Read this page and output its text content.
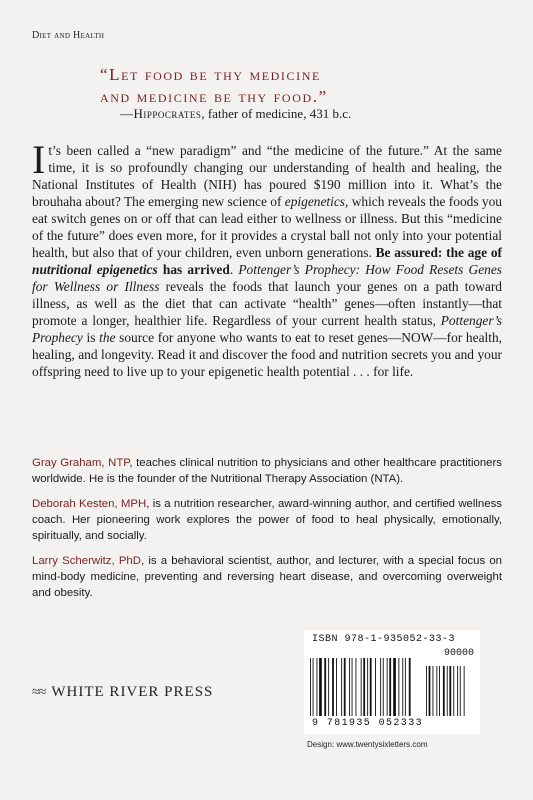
Diet and Health
“Let food be thy medicine
and medicine be thy food.”
—Hippocrates, father of medicine, 431 b.c.
It’s been called a “new paradigm” and “the medicine of the future.” At the same time, it is so profoundly changing our understanding of health and healing, the National Institutes of Health (NIH) has poured $190 million into it. What’s the brouhaha about? The emerging new science of epigenetics, which reveals the foods you eat switch genes on or off that can lead either to wellness or illness. But this “medicine of the future” does even more, for it provides a crystal ball not only into your potential health, but also that of your children, even unborn generations. Be assured: the age of nutritional epigenetics has arrived. Pottenger’s Prophecy: How Food Resets Genes for Wellness or Illness reveals the foods that launch your genes on a path toward illness, as well as the diet that can activate “health” genes—often instantly—that promote a longer, healthier life. Regardless of your current health status, Pottenger’s Prophecy is the source for anyone who wants to eat to reset genes—NOW—for health, healing, and longevity. Read it and discover the food and nutrition secrets you and your offspring need to live up to your epigenetic health potential . . . for life.

Gray Graham, NTP, teaches clinical nutrition to physicians and other healthcare practitioners worldwide. He is the founder of the Nutritional Therapy Association (NTA).

Deborah Kesten, MPH, is a nutrition researcher, award-winning author, and certified wellness coach. Her pioneering work explores the power of food to heal physically, emotionally, spiritually, and socially.

Larry Scherwitz, PhD, is a behavioral scientist, author, and lecturer, with a special focus on mind-body medicine, preventing and reversing heart disease, and overcoming overweight and obesity.

≈≈ WHITE RIVER PRESS
ISBN 978-1-935052-33-3
90000
9 781935 052333
Design: www.twentysixletters.com
